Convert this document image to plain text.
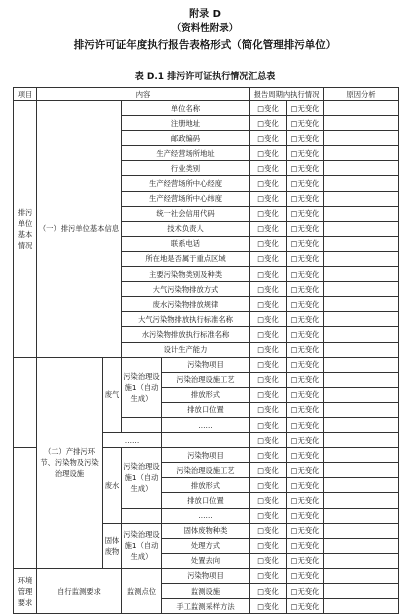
附录 D
（资料性附录）
排污许可证年度执行报告表格形式（简化管理排污单位）
表 D.1 排污许可证执行情况汇总表
项目	内容				报告周期内执行情况		原因分析
排污单位基本情况	（一）排污单位基本信息		单位名称		□变化	□无变化	
			注册地址		□变化	□无变化	
			邮政编码		□变化	□无变化	
			生产经营场所地址		□变化	□无变化	
			行业类别		□变化	□无变化	
			生产经营场所中心经度		□变化	□无变化	
			生产经营场所中心纬度		□变化	□无变化	
			统一社会信用代码		□变化	□无变化	
			技术负责人		□变化	□无变化	
			联系电话		□变化	□无变化	
			所在地是否属于重点区域		□变化	□无变化	
			主要污染物类别及种类		□变化	□无变化	
			大气污染物排放方式		□变化	□无变化	
			废水污染物排放规律		□变化	□无变化	
			大气污染物排放执行标准名称		□变化	□无变化	
			水污染物排放执行标准名称		□变化	□无变化	
			设计生产能力		□变化	□无变化	
	（二）产排污环节、污染物及污染治理设施	废气	污染治理设施1（自动生成）	污染物项目	□变化	□无变化	
				污染治理设施工艺	□变化	□无变化	
				排放形式	□变化	□无变化	
				排放口位置	□变化	□无变化	
				……	□变化	□无变化	
		……			□变化	□无变化	
		废水	污染治理设施1（自动生成）	污染物项目	□变化	□无变化	
				污染治理设施工艺	□变化	□无变化	
				排放形式	□变化	□无变化	
				排放口位置	□变化	□无变化	
				……	□变化	□无变化	
		固体废物	污染治理设施1（自动生成）	固体废物种类	□变化	□无变化	
				处理方式	□变化	□无变化	
				处置去向	□变化	□无变化	
环境管理要求	自行监测要求		监测点位	污染物项目	□变化	□无变化	
				监测设施	□变化	□无变化	
				手工监测采样方法	□变化	□无变化	
